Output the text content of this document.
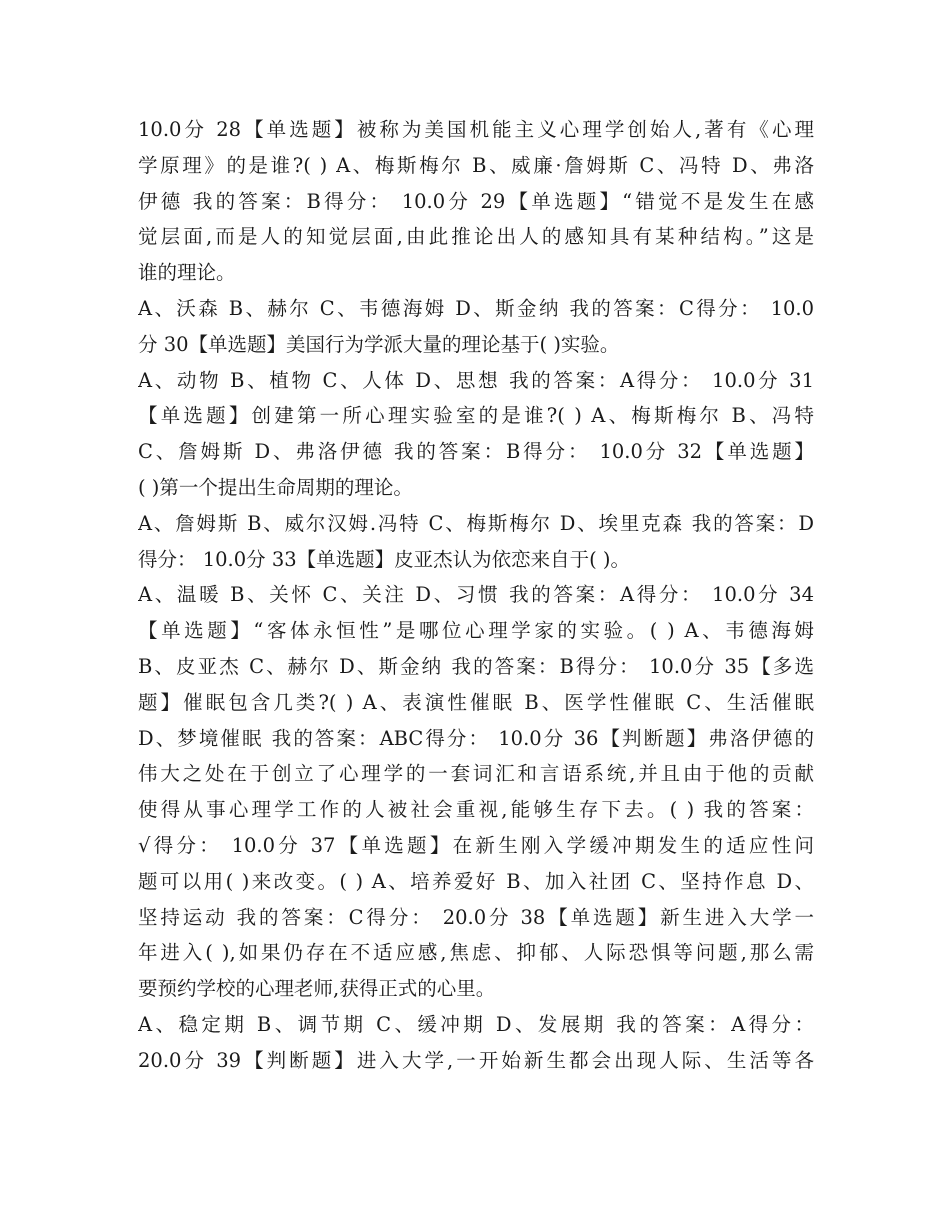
10.0分 28【单选题】被称为美国机能主义心理学创始人,著有《心理
学原理》的是谁?( ) A、梅斯梅尔 B、威廉·詹姆斯 C、冯特 D、弗洛
伊德 我的答案：B得分： 10.0分 29【单选题】“错觉不是发生在感
觉层面,而是人的知觉层面,由此推论出人的感知具有某种结构。”这是
谁的理论。
A、沃森 B、赫尔 C、韦德海姆 D、斯金纳 我的答案：C得分： 10.0
分 30【单选题】美国行为学派大量的理论基于( )实验。
A、动物 B、植物 C、人体 D、思想 我的答案：A得分： 10.0分 31
【单选题】创建第一所心理实验室的是谁?( ) A、梅斯梅尔 B、冯特
C、詹姆斯 D、弗洛伊德 我的答案：B得分： 10.0分 32【单选题】
( )第一个提出生命周期的理论。
A、詹姆斯 B、威尔汉姆.冯特 C、梅斯梅尔 D、埃里克森 我的答案：D
得分： 10.0分 33【单选题】皮亚杰认为依恋来自于( )。
A、温暖 B、关怀 C、关注 D、习惯 我的答案：A得分： 10.0分 34
【单选题】“客体永恒性”是哪位心理学家的实验。( ) A、韦德海姆
B、皮亚杰 C、赫尔 D、斯金纳 我的答案：B得分： 10.0分 35【多选
题】催眠包含几类?( ) A、表演性催眠 B、医学性催眠 C、生活催眠
D、梦境催眠 我的答案：ABC得分： 10.0分 36【判断题】弗洛伊德的
伟大之处在于创立了心理学的一套词汇和言语系统,并且由于他的贡献
使得从事心理学工作的人被社会重视,能够生存下去。( ) 我的答案：
√得分： 10.0分 37【单选题】在新生刚入学缓冲期发生的适应性问
题可以用( )来改变。( ) A、培养爱好 B、加入社团 C、坚持作息 D、
坚持运动 我的答案：C得分： 20.0分 38【单选题】新生进入大学一
年进入( ),如果仍存在不适应感,焦虑、抑郁、人际恐惧等问题,那么需
要预约学校的心理老师,获得正式的心里。
A、稳定期 B、调节期 C、缓冲期 D、发展期 我的答案：A得分：
20.0分 39【判断题】进入大学,一开始新生都会出现人际、生活等各
